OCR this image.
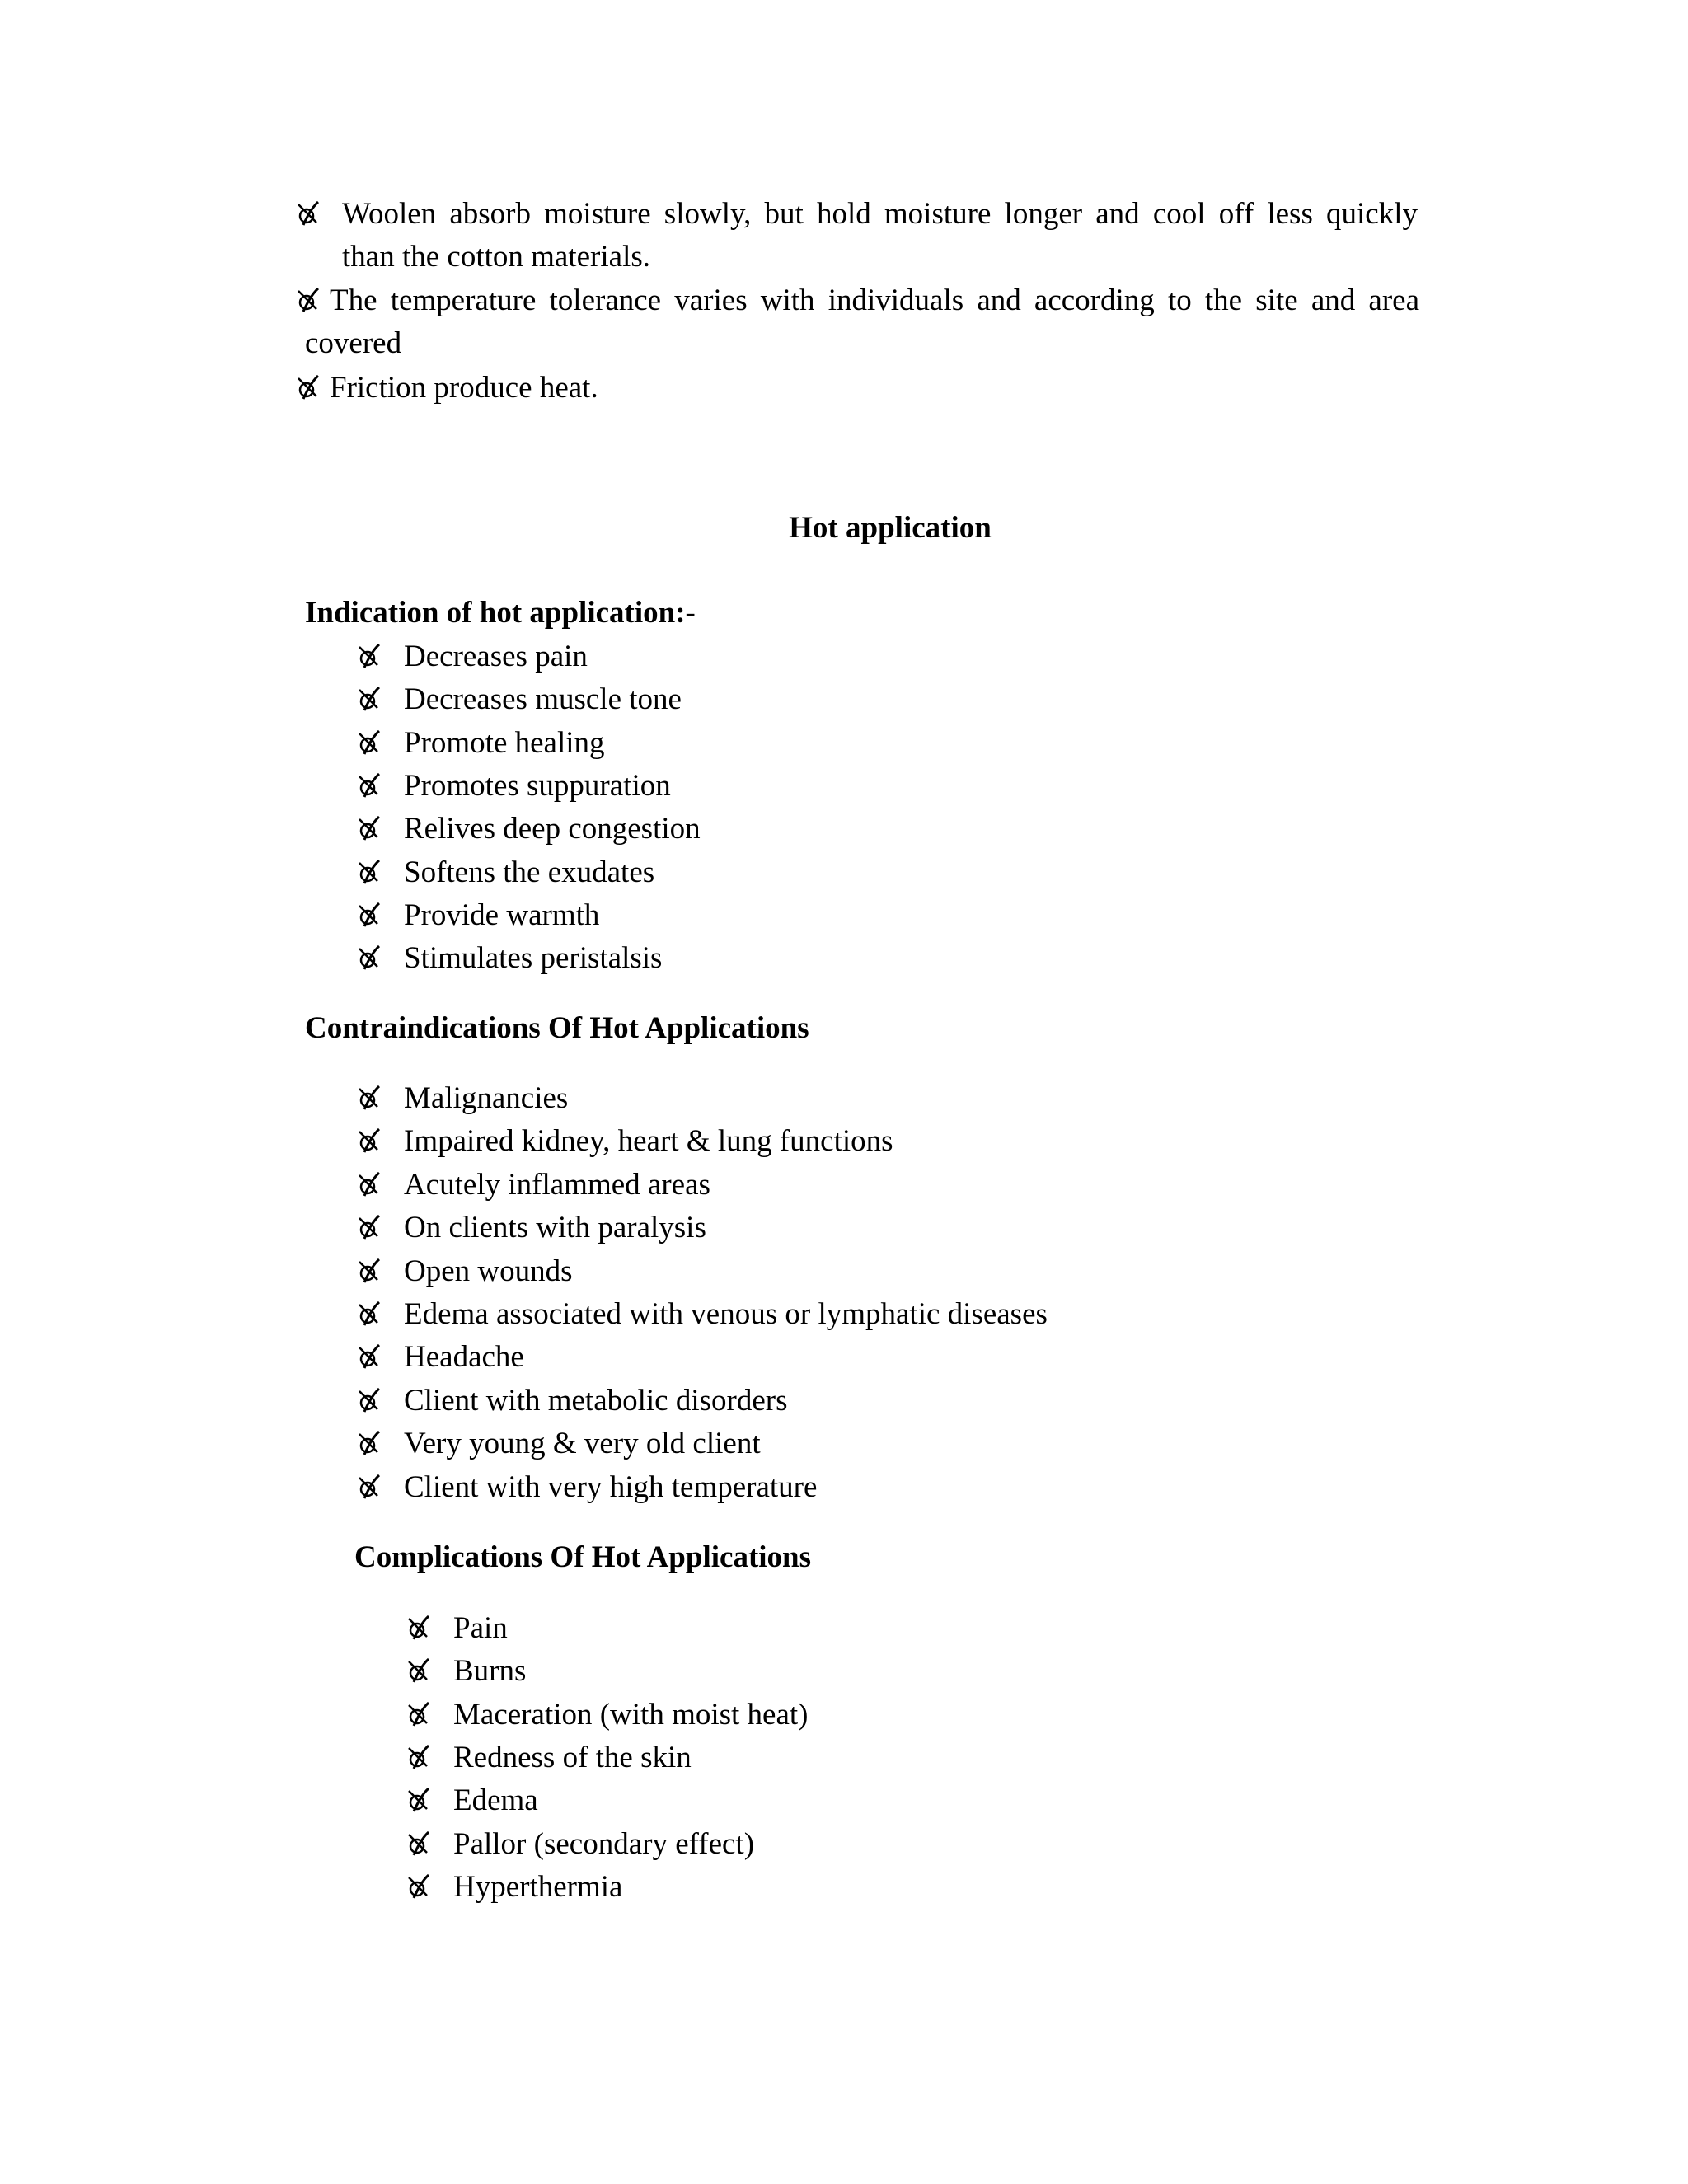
Woolen absorb moisture slowly, but hold moisture longer and cool off less quickly
than the cotton materials.
The temperature tolerance varies with individuals and according to the site and area
covered
Friction produce heat.
Hot application
Indication of hot application:-
Decreases pain
Decreases muscle tone
Promote healing
Promotes suppuration
Relives deep congestion
Softens the exudates
Provide warmth
Stimulates peristalsis
Contraindications Of Hot Applications
Malignancies
Impaired kidney, heart & lung functions
Acutely inflammed areas
On clients with paralysis
Open wounds
Edema associated with venous or lymphatic diseases
Headache
Client with metabolic disorders
Very young & very old client
Client with very high temperature
Complications Of Hot Applications
Pain
Burns
Maceration (with moist heat)
Redness of the skin
Edema
Pallor (secondary effect)
Hyperthermia
